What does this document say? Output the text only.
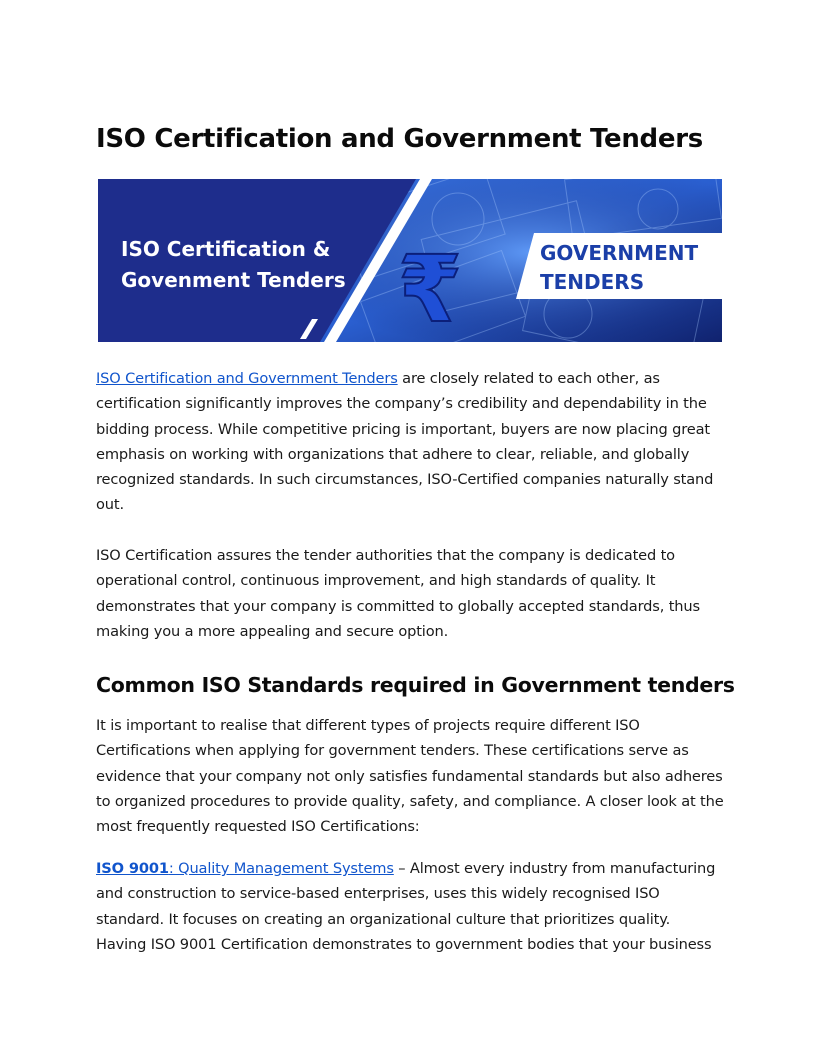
ISO Certification and Government Tenders
₹
ISO Certification &
Govenment Tenders
GOVERNMENT
TENDERS

ISO Certification and Government Tenders are closely related to each other, as certification significantly improves the company’s credibility and dependability in the bidding process. While competitive pricing is important, buyers are now placing great emphasis on working with organizations that adhere to clear, reliable, and globally recognized standards. In such circumstances, ISO-Certified companies naturally stand out.

ISO Certification assures the tender authorities that the company is dedicated to operational control, continuous improvement, and high standards of quality. It demonstrates that your company is committed to globally accepted standards, thus making you a more appealing and secure option.

Common ISO Standards required in Government tenders

It is important to realise that different types of projects require different ISO Certifications when applying for government tenders. These certifications serve as evidence that your company not only satisfies fundamental standards but also adheres to organized procedures to provide quality, safety, and compliance. A closer look at the most frequently requested ISO Certifications:

ISO 9001: Quality Management Systems – Almost every industry from manufacturing and construction to service-based enterprises, uses this widely recognised ISO standard. It focuses on creating an organizational culture that prioritizes quality. Having ISO 9001 Certification demonstrates to government bodies that your business
